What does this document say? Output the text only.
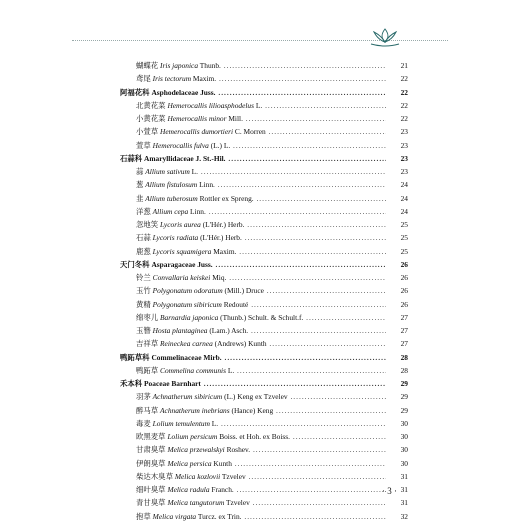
蝴蝶花 Iris japonica Thunb. .....	21
鸢尾 Iris tectorum Maxim. .....	22
阿福花科 Asphodelaceae Juss. .....	22
北黄花菜 Hemerocallis lilioasphodelus L. .....	22
小黄花菜 Hemerocallis minor Mill. .....	22
小萱草 Hemerocallis dumortieri C. Morren .....	23
萱草 Hemerocallis fulva (L.) L. .....	23
石蒜科 Amaryllidaceae J. St.-Hil. .....	23
蒜 Allium sativum L. .....	23
葱 Allium fistulosum Linn. .....	24
韭 Allium tuberosum Rottler ex Spreng. .....	24
洋葱 Allium cepa Linn. .....	24
忽地笑 Lycoris aurea (L'Hér.) Herb. .....	25
石蒜 Lycoris radiata (L'Hér.) Herb. .....	25
鹿葱 Lycoris squamigera Maxim. .....	25
天门冬科 Asparagaceae Juss. .....	26
铃兰 Convallaria keiskei Miq. .....	26
玉竹 Polygonatum odoratum (Mill.) Druce .....	26
黄精 Polygonatum sibiricum Redouté .....	26
绵枣儿 Barnardia japonica (Thunb.) Schult. & Schult.f. .....	27
玉簪 Hosta plantaginea (Lam.) Asch. .....	27
吉祥草 Reineckea carnea (Andrews) Kunth .....	27
鸭跖草科 Commelinaceae Mirb. .....	28
鸭跖草 Commelina communis L. .....	28
禾本科 Poaceae Barnhart .....	29
羽茅 Achnatherum sibiricum (L.) Keng ex Tzvelev .....	29
醉马草 Achnatherum inebrians (Hance) Keng .....	29
毒麦 Lolium temulentum L. .....	30
欧黑麦草 Lolium persicum Boiss. et Hoh. ex Boiss. .....	30
甘肃臭草 Melica przewalskyi Roshev. .....	30
伊朗臭草 Melica persica Kunth .....	30
柴达木臭草 Melica kozlovii Tzvelev .....	31
细叶臭草 Melica radula Franch. .....	31
青甘臭草 Melica tangutorum Tzvelev .....	31
抱草 Melica virgata Turcz. ex Trin. .....	32
· 3 ·
